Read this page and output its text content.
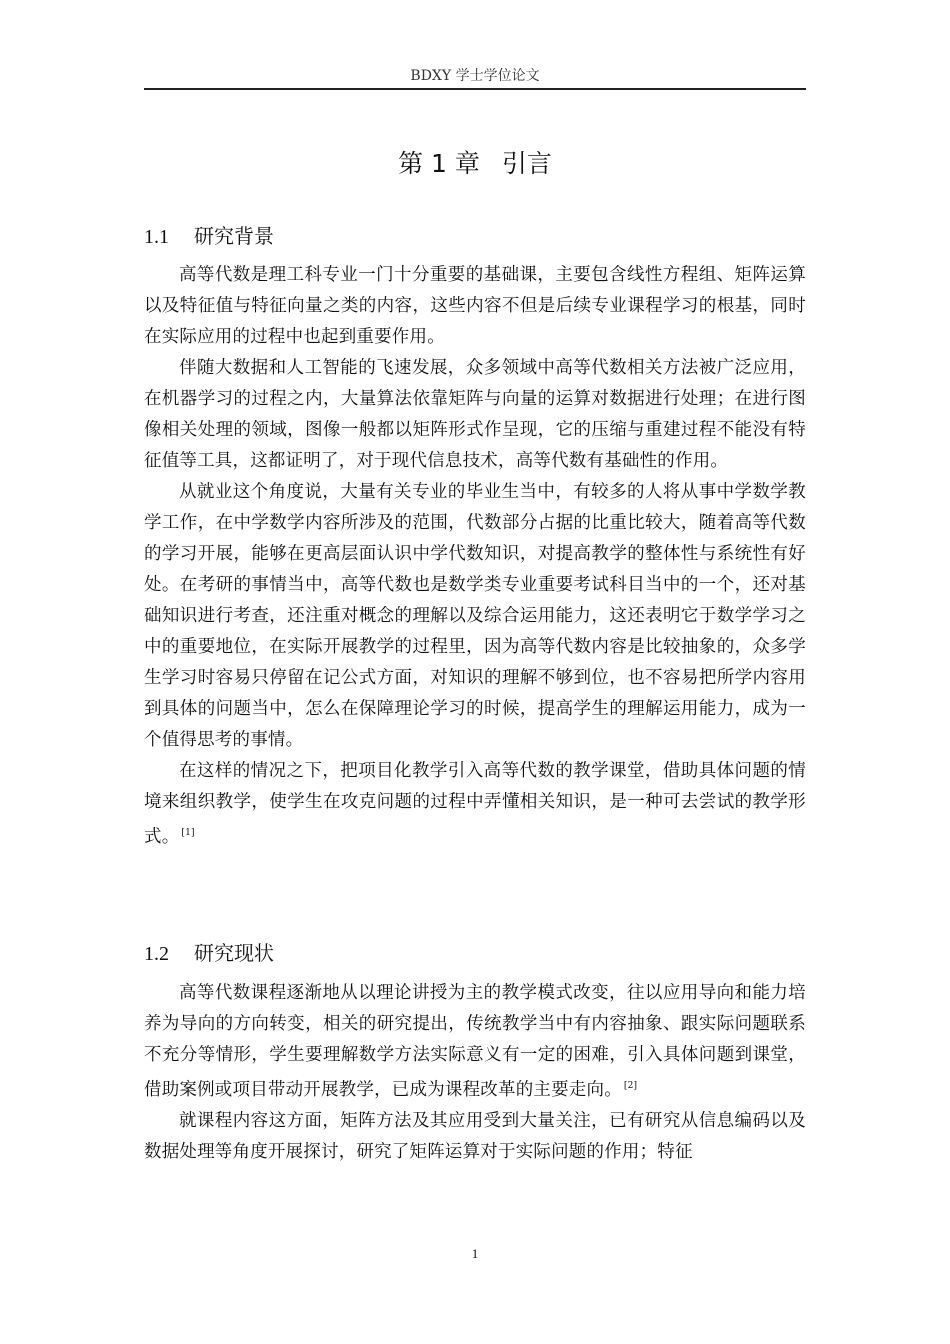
BDXY 学士学位论文
第 1 章 引言
1.1 研究背景

高等代数是理工科专业一门十分重要的基础课，主要包含线性方程组、矩阵运算以及特征值与特征向量之类的内容，这些内容不但是后续专业课程学习的根基，同时在实际应用的过程中也起到重要作用。

伴随大数据和人工智能的飞速发展，众多领域中高等代数相关方法被广泛应用，在机器学习的过程之内，大量算法依靠矩阵与向量的运算对数据进行处理；在进行图像相关处理的领域，图像一般都以矩阵形式作呈现，它的压缩与重建过程不能没有特征值等工具，这都证明了，对于现代信息技术，高等代数有基础性的作用。

从就业这个角度说，大量有关专业的毕业生当中，有较多的人将从事中学数学教学工作，在中学数学内容所涉及的范围，代数部分占据的比重比较大，随着高等代数的学习开展，能够在更高层面认识中学代数知识，对提高教学的整体性与系统性有好处。在考研的事情当中，高等代数也是数学类专业重要考试科目当中的一个，还对基础知识进行考查，还注重对概念的理解以及综合运用能力，这还表明它于数学学习之中的重要地位，在实际开展教学的过程里，因为高等代数内容是比较抽象的，众多学生学习时容易只停留在记公式方面，对知识的理解不够到位，也不容易把所学内容用到具体的问题当中，怎么在保障理论学习的时候，提高学生的理解运用能力，成为一个值得思考的事情。

在这样的情况之下，把项目化教学引入高等代数的教学课堂，借助具体问题的情境来组织教学，使学生在攻克问题的过程中弄懂相关知识，是一种可去尝试的教学形式。 [1]

1.2 研究现状

高等代数课程逐渐地从以理论讲授为主的教学模式改变，往以应用导向和能力培养为导向的方向转变，相关的研究提出，传统教学当中有内容抽象、跟实际问题联系不充分等情形，学生要理解数学方法实际意义有一定的困难，引入具体问题到课堂，借助案例或项目带动开展教学，已成为课程改革的主要走向。 [2]

就课程内容这方面，矩阵方法及其应用受到大量关注，已有研究从信息编码以及数据处理等角度开展探讨，研究了矩阵运算对于实际问题的作用；特征

1
